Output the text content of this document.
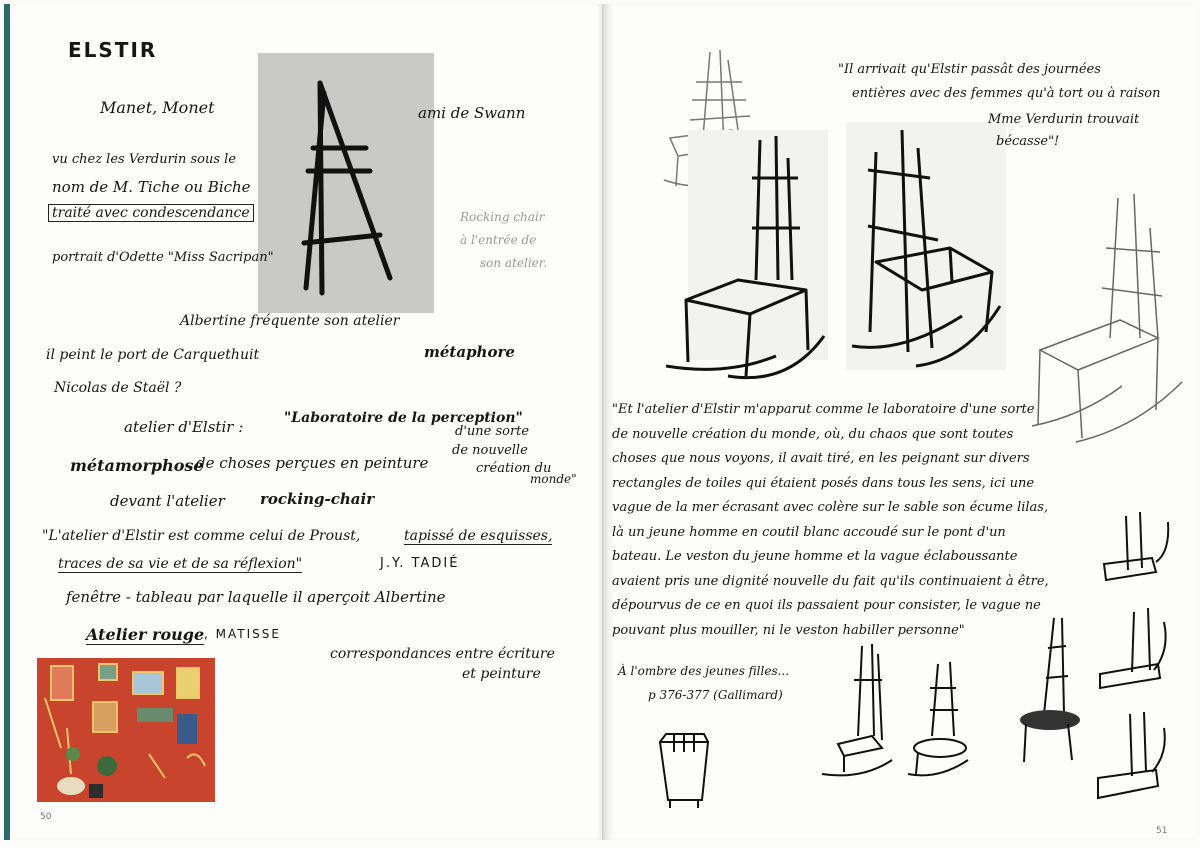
ELSTIR
Manet, Monet	ami de Swann
vu chez les Verdurin sous le
nom de M. Tiche ou Biche
traité avec condescendance	Rocking chair
à l'entrée de
son atelier.
portrait d'Odette "Miss Sacripan"
Albertine fréquente son atelier
il peint le port de Carquethuit	métaphore
Nicolas de Staël ?
atelier d'Elstir :	"Laboratoire de la perception"
d'une sorte
de nouvelle
création du
monde"
métamorphose
de choses perçues en peinture
devant l'atelier rocking-chair
"L'atelier d'Elstir est comme celui de Proust,	tapissé de esquisses,
traces de sa vie et de sa réflexion"	J.Y. TADIÉ
fenêtre - tableau par laquelle il aperçoit Albertine
Atelier rouge , MATISSE
correspondances entre écriture
et peinture
50
"Il arrivait qu'Elstir passât des journées
entières avec des femmes qu'à tort ou à raison
Mme Verdurin trouvait
bécasse"!
"Et l'atelier d'Elstir m'apparut comme le laboratoire d'une sorte de nouvelle création du monde, où, du chaos que sont toutes choses que nous voyons, il avait tiré, en les peignant sur divers rectangles de toiles qui étaient posés dans tous les sens, ici une vague de la mer écrasant avec colère sur le sable son écume lilas, là un jeune homme en coutil blanc accoudé sur le pont d'un bateau. Le veston du jeune homme et la vague éclaboussante avaient pris une dignité nouvelle du fait qu'ils continuaient à être, dépourvus de ce en quoi ils passaient pour consister, le vague ne pouvant plus mouiller, ni le veston habiller personne"
À l'ombre des jeunes filles...
p 376-377 (Gallimard)
51
